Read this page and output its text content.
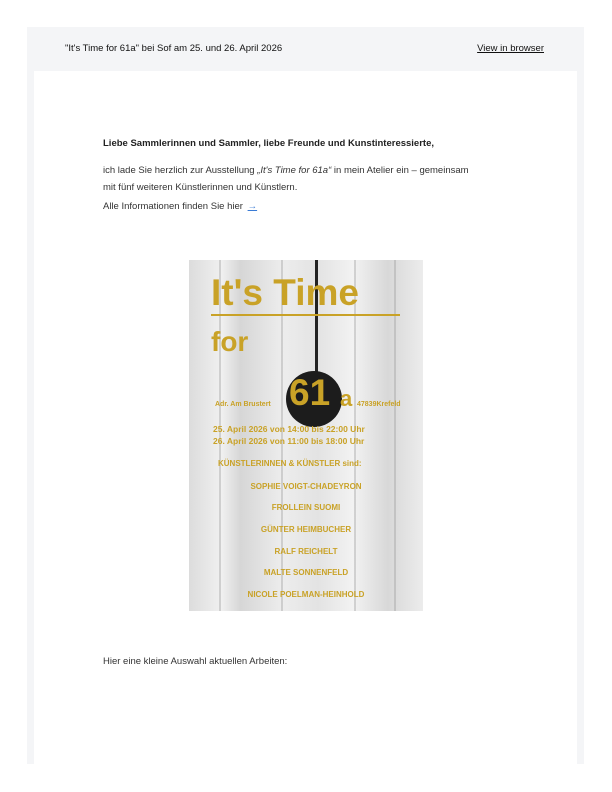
"It's Time for 61a" bei Sof am 25. und 26. April 2026	View in browser
Liebe Sammlerinnen und Sammler, liebe Freunde und Kunstinteressierte,
ich lade Sie herzlich zur Ausstellung „It's Time for 61a“ in mein Atelier ein – gemeinsam mit fünf weiteren Künstlerinnen und Künstlern.
Alle Informationen finden Sie hier →
It's Time
for
Adr. Am Brustert 61 a 47839Krefeld
25. April 2026 von 14:00 bis 22:00 Uhr
26. April 2026 von 11:00 bis 18:00 Uhr
KÜNSTLERINNEN & KÜNSTLER sind:
SOPHIE VOIGT-CHADEYRON
FROLLEIN SUOMI
GÜNTER HEIMBUCHER
RALF REICHELT
MALTE SONNENFELD
NICOLE POELMAN-HEINHOLD
Hier eine kleine Auswahl aktuellen Arbeiten:
